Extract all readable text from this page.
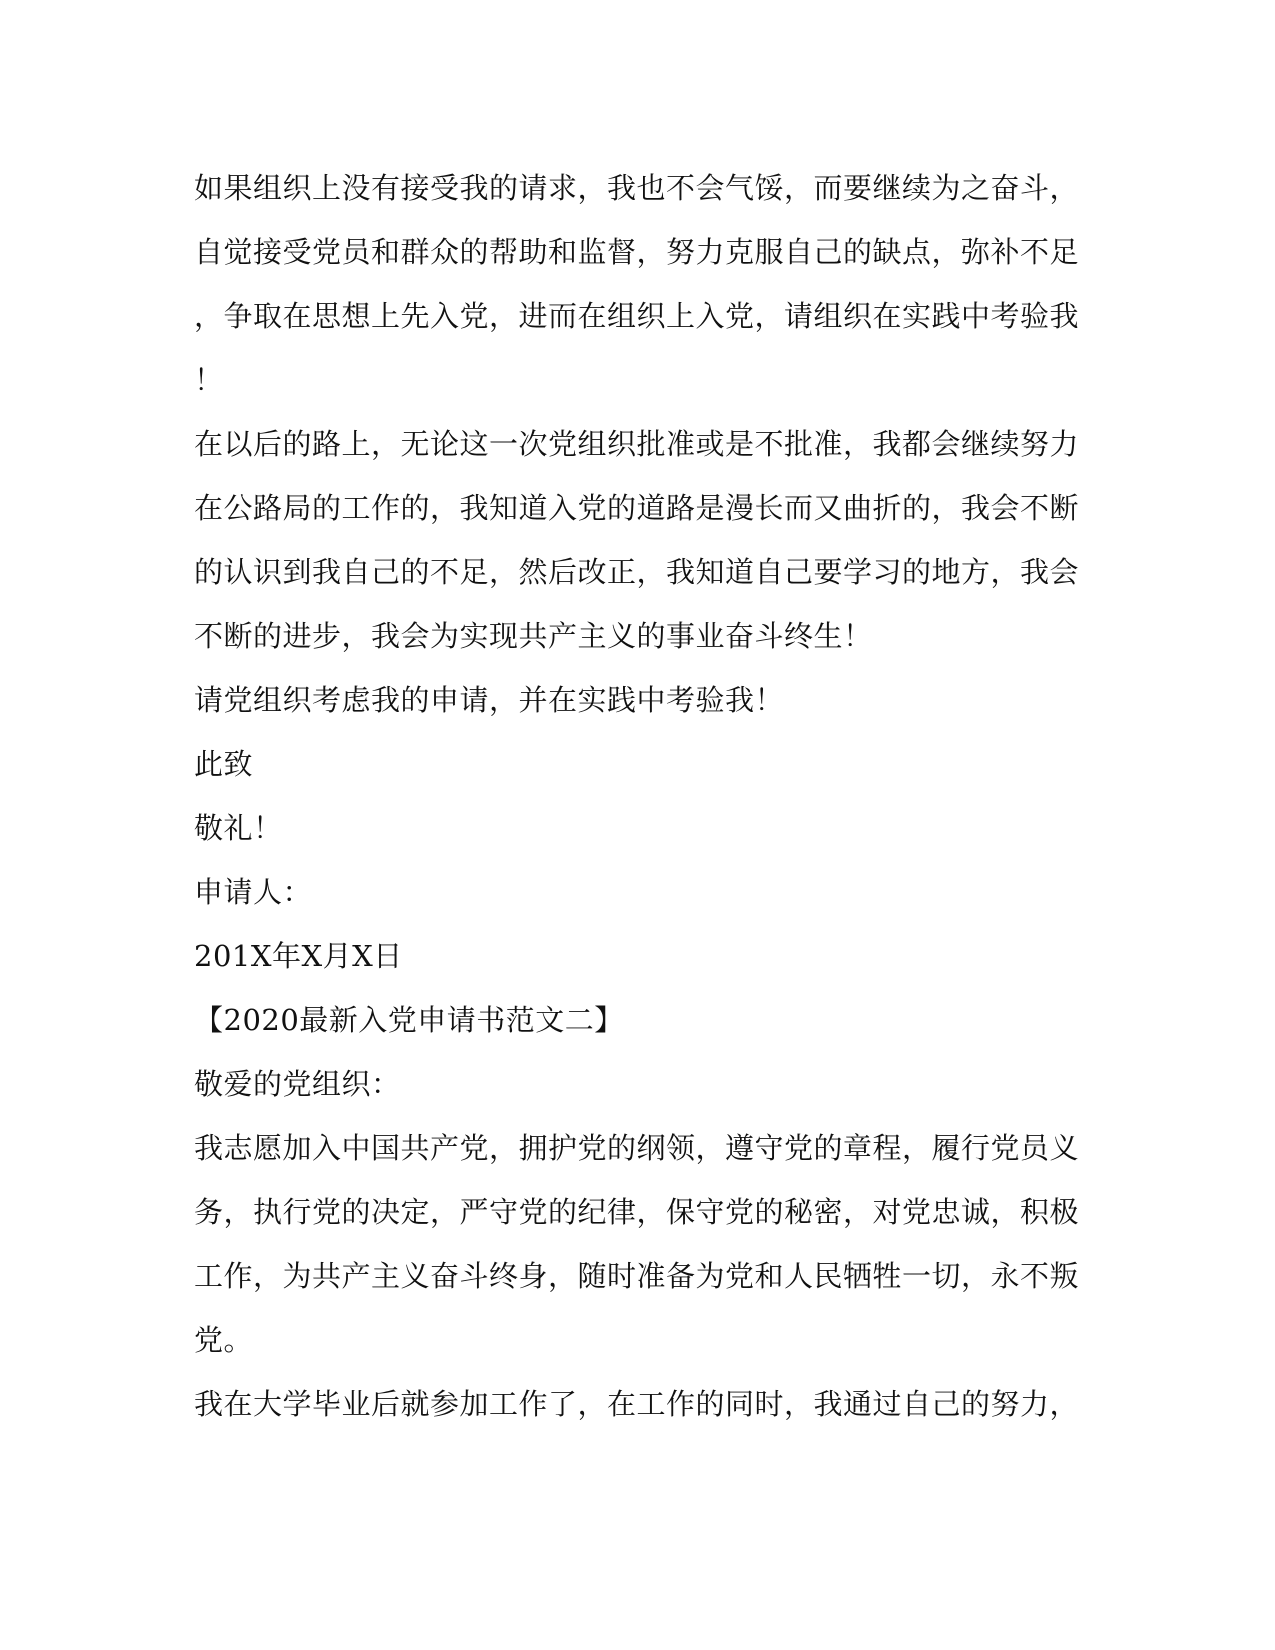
如果组织上没有接受我的请求，我也不会气馁，而要继续为之奋斗，
自觉接受党员和群众的帮助和监督，努力克服自己的缺点，弥补不足
，争取在思想上先入党，进而在组织上入党，请组织在实践中考验我
！
在以后的路上，无论这一次党组织批准或是不批准，我都会继续努力
在公路局的工作的，我知道入党的道路是漫长而又曲折的，我会不断
的认识到我自己的不足，然后改正，我知道自己要学习的地方，我会
不断的进步，我会为实现共产主义的事业奋斗终生！
请党组织考虑我的申请，并在实践中考验我！
此致
敬礼！
申请人：
201X年X月X日
【2020最新入党申请书范文二】
敬爱的党组织：
我志愿加入中国共产党，拥护党的纲领，遵守党的章程，履行党员义
务，执行党的决定，严守党的纪律，保守党的秘密，对党忠诚，积极
工作，为共产主义奋斗终身，随时准备为党和人民牺牲一切，永不叛
党。
我在大学毕业后就参加工作了，在工作的同时，我通过自己的努力，
